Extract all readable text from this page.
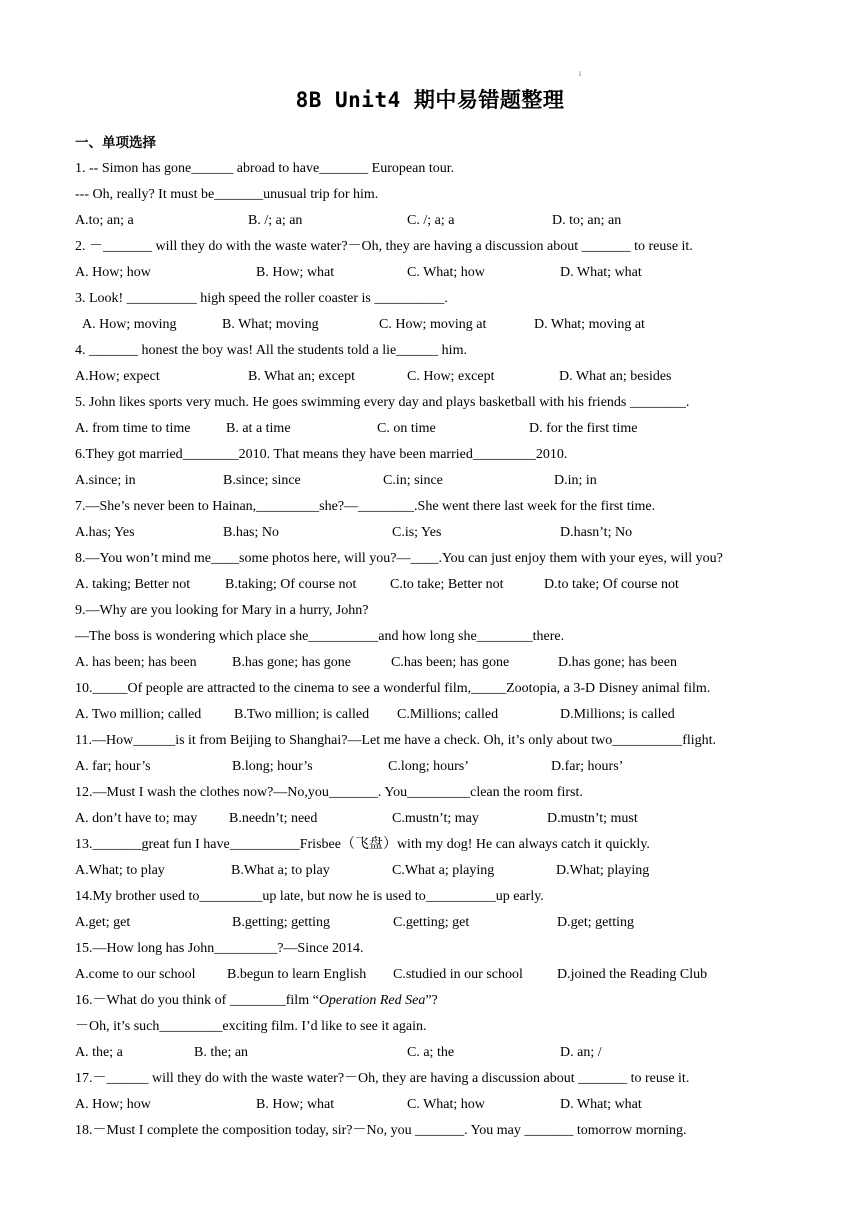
i
8B Unit4 期中易错题整理
一、单项选择
1. -- Simon has gone______ abroad to have_______ European tour.
--- Oh, really? It must be_______unusual trip for him.
A.to; an; a	B. /; a; an	C. /; a; a	D. to; an; an
2. －_______ will they do with the waste water?－Oh, they are having a discussion about _______ to reuse it.
A. How; how	B. How; what	C. What; how	D. What; what
3. Look! __________ high speed the roller coaster is __________.
A. How; moving	B. What; moving	C. How; moving at	D. What; moving at
4. _______ honest the boy was! All the students told a lie______ him.
A.How; expect	B. What an; except	C. How; except	D. What an; besides
5. John likes sports very much. He goes swimming every day and plays basketball with his friends ________.
A. from time to time	B. at a time	C. on time	D. for the first time
6.They got married________2010. That means they have been married_________2010.
A.since; in	B.since; since	C.in; since	D.in; in
7.—She’s never been to Hainan,_________she?—________.She went there last week for the first time.
A.has; Yes	B.has; No	C.is; Yes	D.hasn’t; No
8.—You won’t mind me____some photos here, will you?—____.You can just enjoy them with your eyes, will you?
A. taking; Better not B.taking; Of course not C.to take; Better not	D.to take; Of course not
9.—Why are you looking for Mary in a hurry, John?
—The boss is wondering which place she__________and how long she________there.
A. has been; has been	B.has gone; has gone	C.has been; has gone	D.has gone; has been
10._____Of people are attracted to the cinema to see a wonderful film,_____Zootopia, a 3-D Disney animal film.
A. Two million; called B.Two million; is called C.Millions; called	D.Millions; is called
11.—How______is it from Beijing to Shanghai?—Let me have a check. Oh, it’s only about two__________flight.
A. far; hour’s	B.long; hour’s	C.long; hours’	D.far; hours’
12.—Must I wash the clothes now?—No,you_______. You_________clean the room first.
A. don’t have to; may B.needn’t; need	C.mustn’t; may	D.mustn’t; must
13._______great fun I have__________Frisbee（飞盘）with my dog! He can always catch it quickly.
A.What; to play	B.What a; to play	C.What a; playing	D.What; playing
14.My brother used to_________up late, but now he is used to__________up early.
A.get; get	B.getting; getting	C.getting; get	D.get; getting
15.—How long has John_________?—Since 2014.
A.come to our school B.begun to learn English C.studied in our school D.joined the Reading Club
16.－What do you think of ________film “Operation Red Sea”?
－Oh, it’s such_________exciting film. I’d like to see it again.
A. the; a	B. the; an	C. a; the	D. an; /
17.－______ will they do with the waste water?－Oh, they are having a discussion about _______ to reuse it.
A. How; how	B. How; what	C. What; how	D. What; what
18.－Must I complete the composition today, sir?－No, you _______. You may _______ tomorrow morning.
